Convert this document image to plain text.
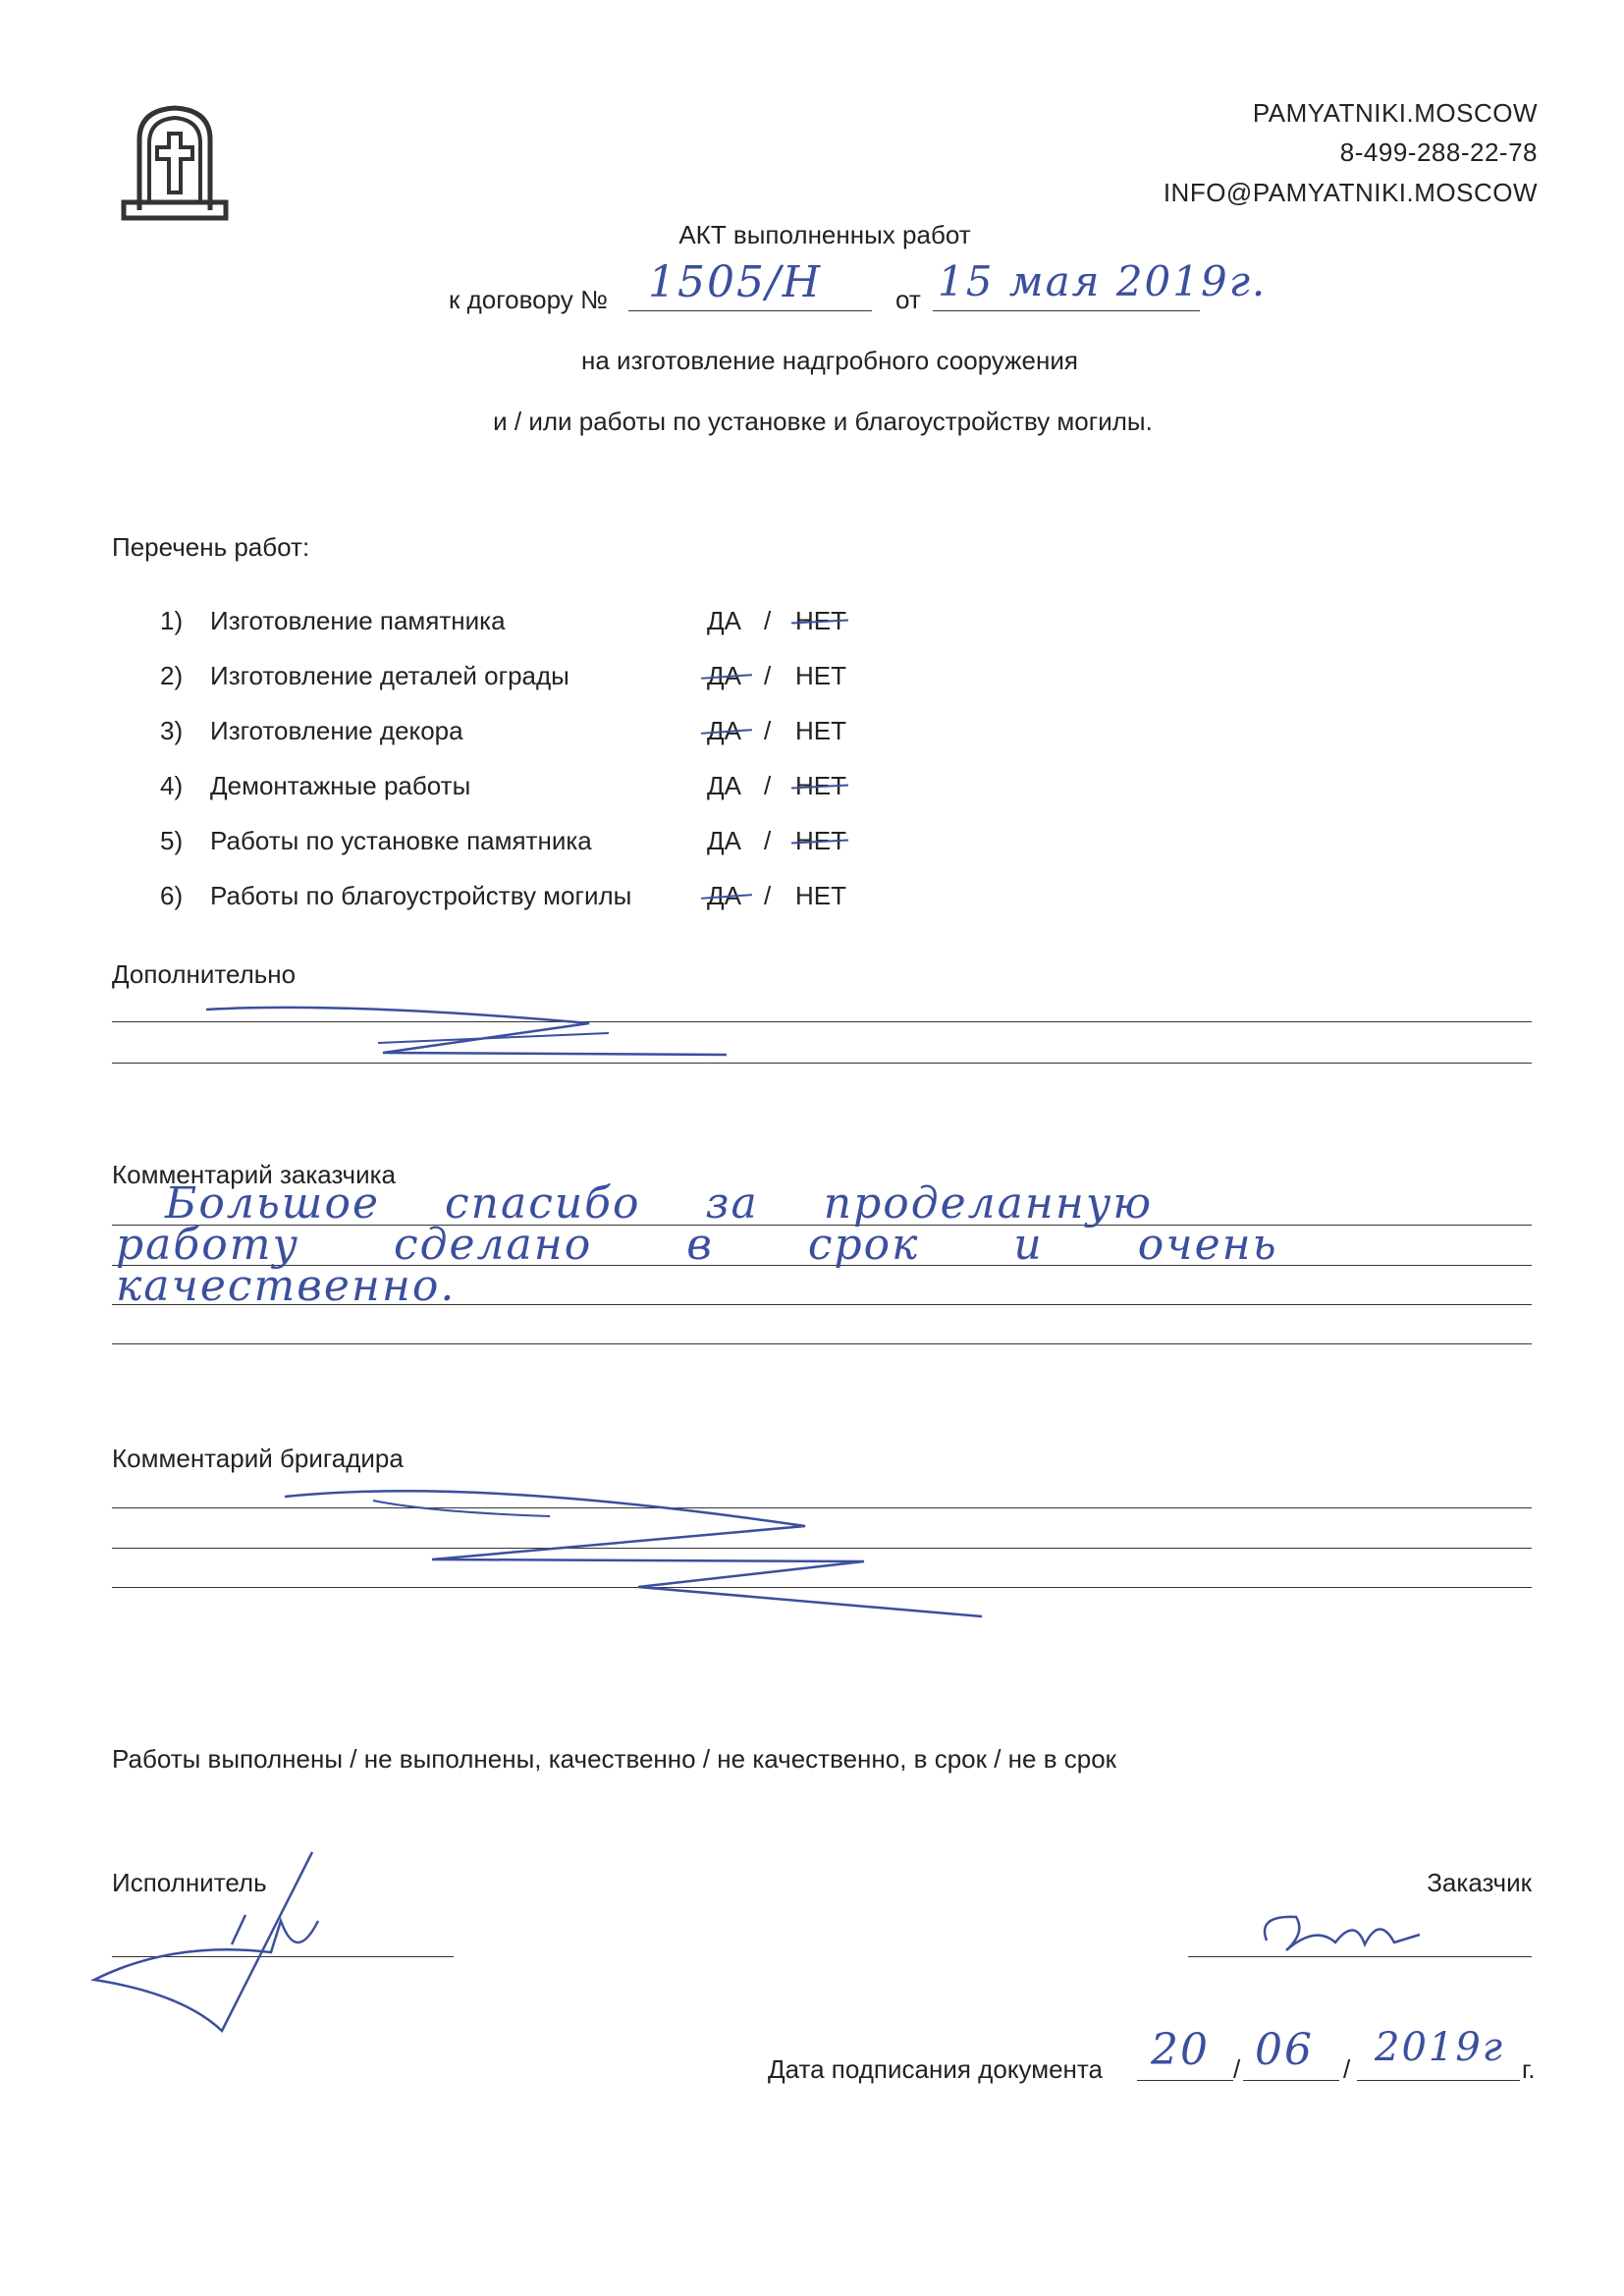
PAMYATNIKI.MOSCOW
8-499-288-22-78
INFO@PAMYATNIKI.MOSCOW
АКТ выполненных работ
к договору № 1505/Н	от 15 мая 2019г.
на изготовление надгробного сооружения
и / или работы по установке и благоустройству могилы.
Перечень работ:
1) Изготовление памятника	ДА / НЕТ
2) Изготовление деталей ограды	ДА / НЕТ
3) Изготовление декора	ДА / НЕТ
4) Демонтажные работы	ДА / НЕТ
5) Работы по установке памятника	ДА / НЕТ
6) Работы по благоустройству могилы	ДА / НЕТ
Дополнительно
Комментарий заказчика
Большое спасибо за проделанную
работу сделано в срок и очень
качественно.
Комментарий бригадира
Работы выполнены / не выполнены, качественно / не качественно, в срок / не в срок
Исполнитель	Заказчик
Дата подписания документа	/	/
20 06 2019г г.
